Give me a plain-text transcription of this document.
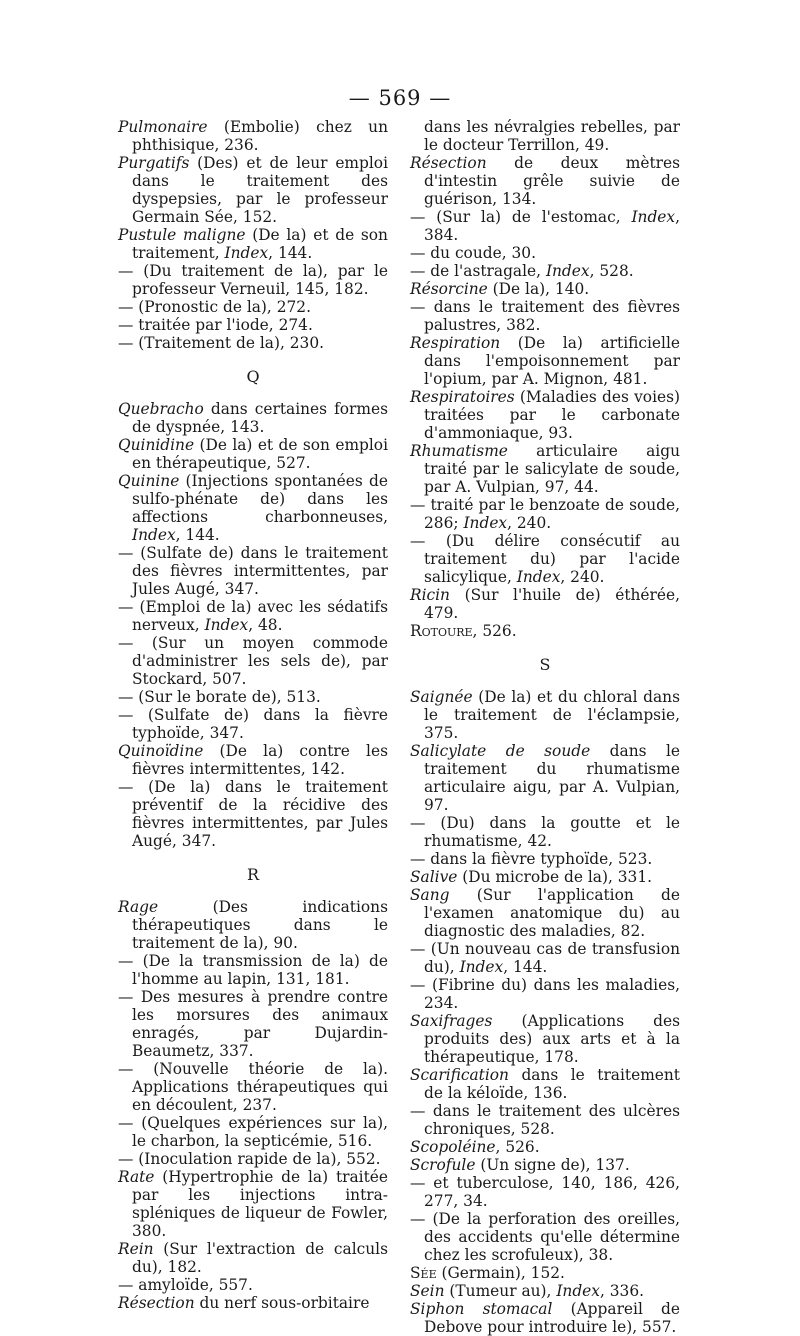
— 569 —

Pulmonaire (Embolie) chez un phthisique, 236.

Purgatifs (Des) et de leur emploi dans le traitement des dyspepsies, par le professeur Germain Sée, 152.

Pustule maligne (De la) et de son traitement, Index, 144.

— (Du traitement de la), par le professeur Verneuil, 145, 182.

— (Pronostic de la), 272.

— traitée par l'iode, 274.

— (Traitement de la), 230.

Q

Quebracho dans certaines formes de dyspnée, 143.

Quinidine (De la) et de son emploi en thérapeutique, 527.

Quinine (Injections spontanées de sulfo-phénate de) dans les affections charbonneuses, Index, 144.

— (Sulfate de) dans le traitement des fièvres intermittentes, par Jules Augé, 347.

— (Emploi de la) avec les sédatifs nerveux, Index, 48.

— (Sur un moyen commode d'administrer les sels de), par Stockard, 507.

— (Sur le borate de), 513.

— (Sulfate de) dans la fièvre typhoïde, 347.

Quinoïdine (De la) contre les fièvres intermittentes, 142.

— (De la) dans le traitement préventif de la récidive des fièvres intermittentes, par Jules Augé, 347.

R

Rage (Des indications thérapeutiques dans le traitement de la), 90.

— (De la transmission de la) de l'homme au lapin, 131, 181.

— Des mesures à prendre contre les morsures des animaux enragés, par Dujardin-Beaumetz, 337.

— (Nouvelle théorie de la). Applications thérapeutiques qui en découlent, 237.

— (Quelques expériences sur la), le charbon, la septicémie, 516.

— (Inoculation rapide de la), 552.

Rate (Hypertrophie de la) traitée par les injections intra-spléniques de liqueur de Fowler, 380.

Rein (Sur l'extraction de calculs du), 182.

— amyloïde, 557.

Résection du nerf sous-orbitaire

dans les névralgies rebelles, par le docteur Terrillon, 49.

Résection de deux mètres d'intestin grêle suivie de guérison, 134.

— (Sur la) de l'estomac, Index, 384.

— du coude, 30.

— de l'astragale, Index, 528.

Résorcine (De la), 140.

— dans le traitement des fièvres palustres, 382.

Respiration (De la) artificielle dans l'empoisonnement par l'opium, par A. Mignon, 481.

Respiratoires (Maladies des voies) traitées par le carbonate d'ammoniaque, 93.

Rhumatisme articulaire aigu traité par le salicylate de soude, par A. Vulpian, 97, 44.

— traité par le benzoate de soude, 286; Index, 240.

— (Du délire consécutif au traitement du) par l'acide salicylique, Index, 240.

Ricin (Sur l'huile de) éthérée, 479.

Rotoure, 526.

S

Saignée (De la) et du chloral dans le traitement de l'éclampsie, 375.

Salicylate de soude dans le traitement du rhumatisme articulaire aigu, par A. Vulpian, 97.

— (Du) dans la goutte et le rhumatisme, 42.

— dans la fièvre typhoïde, 523.

Salive (Du microbe de la), 331.

Sang (Sur l'application de l'examen anatomique du) au diagnostic des maladies, 82.

— (Un nouveau cas de transfusion du), Index, 144.

— (Fibrine du) dans les maladies, 234.

Saxifrages (Applications des produits des) aux arts et à la thérapeutique, 178.

Scarification dans le traitement de la kéloïde, 136.

— dans le traitement des ulcères chroniques, 528.

Scopoléine, 526.

Scrofule (Un signe de), 137.

— et tuberculose, 140, 186, 426, 277, 34.

— (De la perforation des oreilles, des accidents qu'elle détermine chez les scrofuleux), 38.

Sée (Germain), 152.

Sein (Tumeur au), Index, 336.

Siphon stomacal (Appareil de Debove pour introduire le), 557.
